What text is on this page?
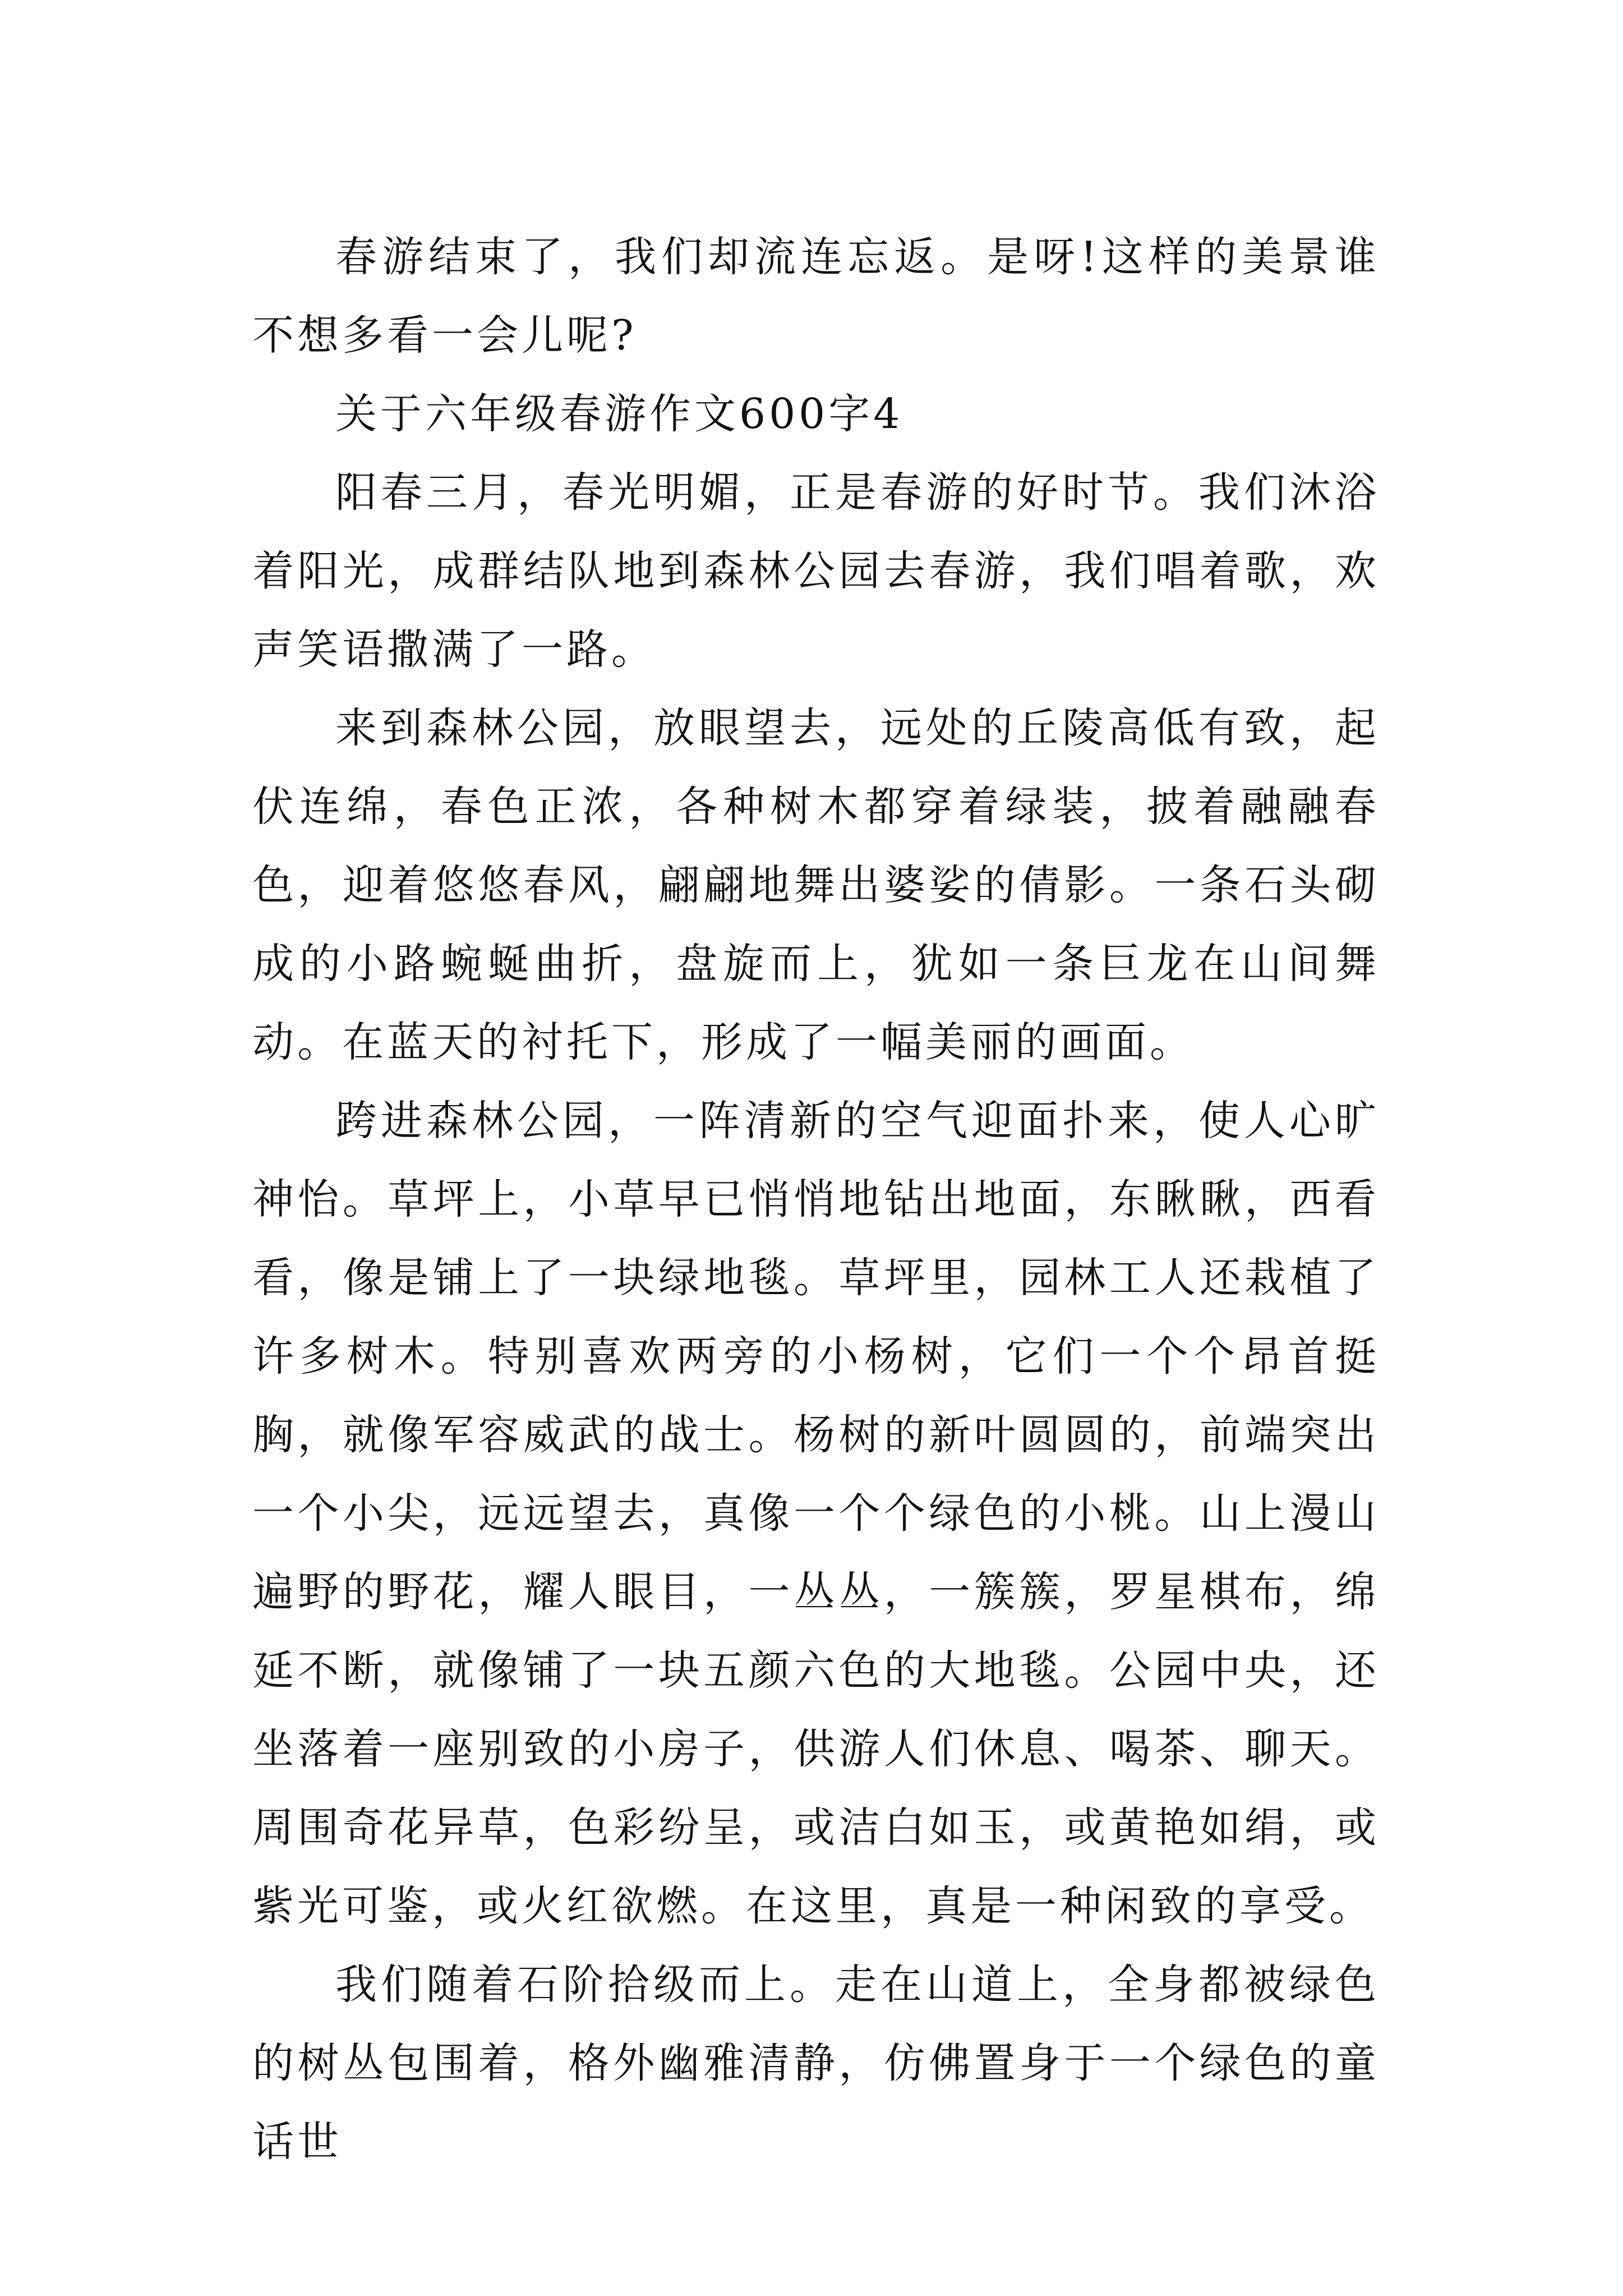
春游结束了，我们却流连忘返。是呀!这样的美景谁不想多看一会儿呢?

关于六年级春游作文600字4

阳春三月，春光明媚，正是春游的好时节。我们沐浴着阳光，成群结队地到森林公园去春游，我们唱着歌，欢声笑语撒满了一路。

来到森林公园，放眼望去，远处的丘陵高低有致，起伏连绵，春色正浓，各种树木都穿着绿装，披着融融春色，迎着悠悠春风，翩翩地舞出婆娑的倩影。一条石头砌成的小路蜿蜒曲折，盘旋而上，犹如一条巨龙在山间舞动。在蓝天的衬托下，形成了一幅美丽的画面。

跨进森林公园，一阵清新的空气迎面扑来，使人心旷神怡。草坪上，小草早已悄悄地钻出地面，东瞅瞅，西看看，像是铺上了一块绿地毯。草坪里，园林工人还栽植了许多树木。特别喜欢两旁的小杨树，它们一个个昂首挺胸，就像军容威武的战士。杨树的新叶圆圆的，前端突出一个小尖，远远望去，真像一个个绿色的小桃。山上漫山遍野的野花，耀人眼目，一丛丛，一簇簇，罗星棋布，绵延不断，就像铺了一块五颜六色的大地毯。公园中央，还坐落着一座别致的小房子，供游人们休息、喝茶、聊天。周围奇花异草，色彩纷呈，或洁白如玉，或黄艳如绢，或紫光可鉴，或火红欲燃。在这里，真是一种闲致的享受。

我们随着石阶拾级而上。走在山道上，全身都被绿色的树丛包围着，格外幽雅清静，仿佛置身于一个绿色的童话世
